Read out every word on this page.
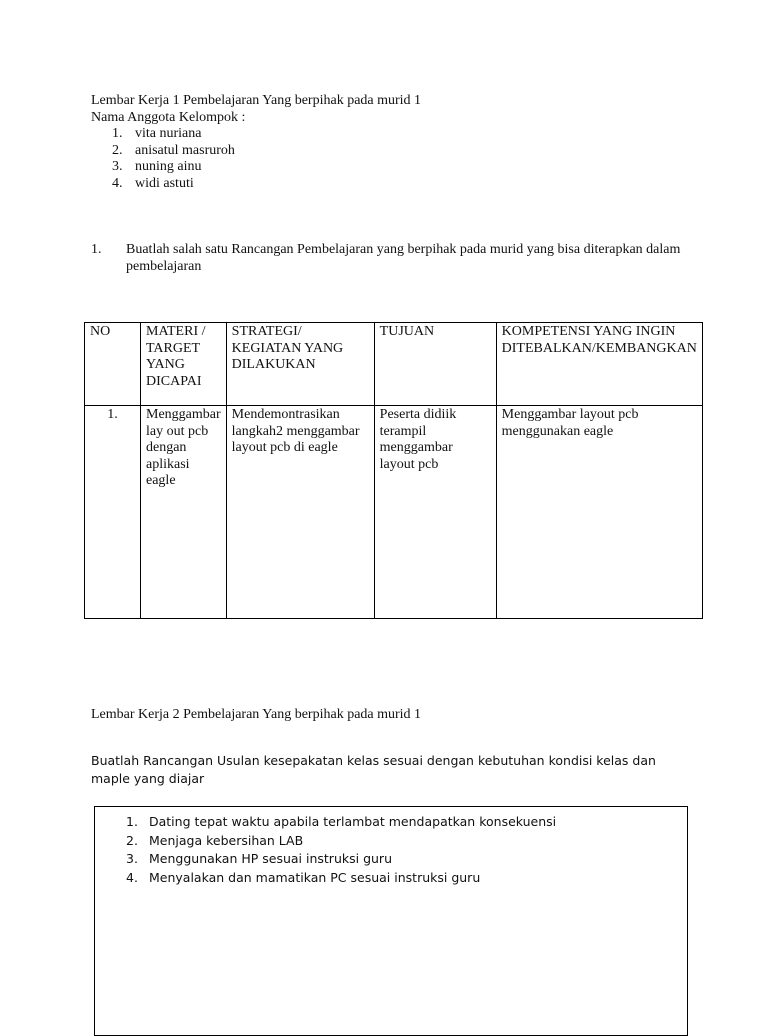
Lembar Kerja 1 Pembelajaran Yang berpihak pada murid 1
Nama Anggota Kelompok :
1. vita nuriana
2. anisatul masruroh
3. nuning ainu
4. widi astuti
1. Buatlah salah satu Rancangan Pembelajaran yang berpihak pada murid yang bisa diterapkan dalam pembelajaran
NO	MATERI / TARGET YANG DICAPAI	STRATEGI/ KEGIATAN YANG DILAKUKAN	TUJUAN	KOMPETENSI YANG INGIN DITEBALKAN/KEMBANGKAN
1.	Menggambar lay out pcb dengan aplikasi eagle	Mendemontrasikan langkah2 menggambar layout pcb di eagle	Peserta didiik terampil menggambar layout pcb	Menggambar layout pcb menggunakan eagle
Lembar Kerja 2 Pembelajaran Yang berpihak pada murid 1
Buatlah Rancangan Usulan kesepakatan kelas sesuai dengan kebutuhan kondisi kelas dan maple yang diajar
1. Dating tepat waktu apabila terlambat mendapatkan konsekuensi
2. Menjaga kebersihan LAB
3. Menggunakan HP sesuai instruksi guru
4. Menyalakan dan mamatikan PC sesuai instruksi guru
